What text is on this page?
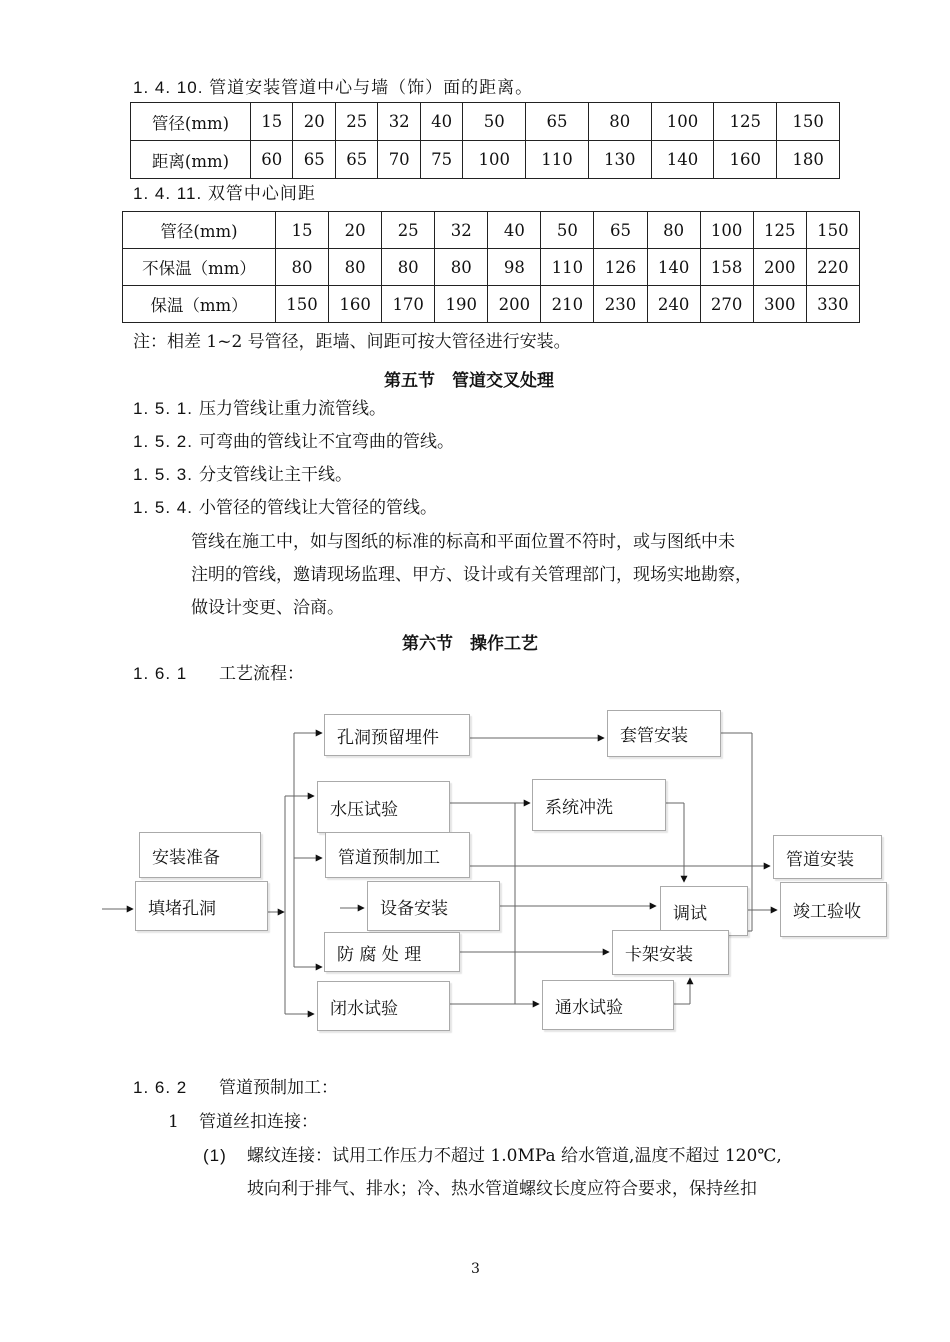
1. 4. 10. 管道安装管道中心与墙（饰）面的距离。
管径(mm)	15	20	25	32	40	50	65	80	100	125	150
距离(mm)	60	65	65	70	75	100	110	130	140	160	180
1. 4. 11. 双管中心间距
管径(mm)	15	20	25	32	40	50	65	80	100	125	150
不保温（mm）	80	80	80	80	98	110	126	140	158	200	220
保温（mm）	150	160	170	190	200	210	230	240	270	300	330
注：相差 1~2 号管径，距墙、间距可按大管径进行安装。
第五节　管道交叉处理
1. 5. 1. 压力管线让重力流管线。
1. 5. 2. 可弯曲的管线让不宜弯曲的管线。
1. 5. 3. 分支管线让主干线。
1. 5. 4. 小管径的管线让大管径的管线。
管线在施工中，如与图纸的标准的标高和平面位置不符时，或与图纸中未
注明的管线，邀请现场监理、甲方、设计或有关管理部门，现场实地勘察，
做设计变更、洽商。
第六节　操作工艺
1. 6. 1 工艺流程：
孔洞预留埋件	套管安装
水压试验	系统冲洗
安装准备	管道预制加工	管道安装
填堵孔洞	设备安装	调试	竣工验收
防 腐 处 理	卡架安装
闭水试验	通水试验
1. 6. 2 管道预制加工：
1 管道丝扣连接：
(1) 螺纹连接：试用工作压力不超过 1.0MPa 给水管道,温度不超过 120℃,
坡向利于排气、排水；冷、热水管道螺纹长度应符合要求，保持丝扣
3
